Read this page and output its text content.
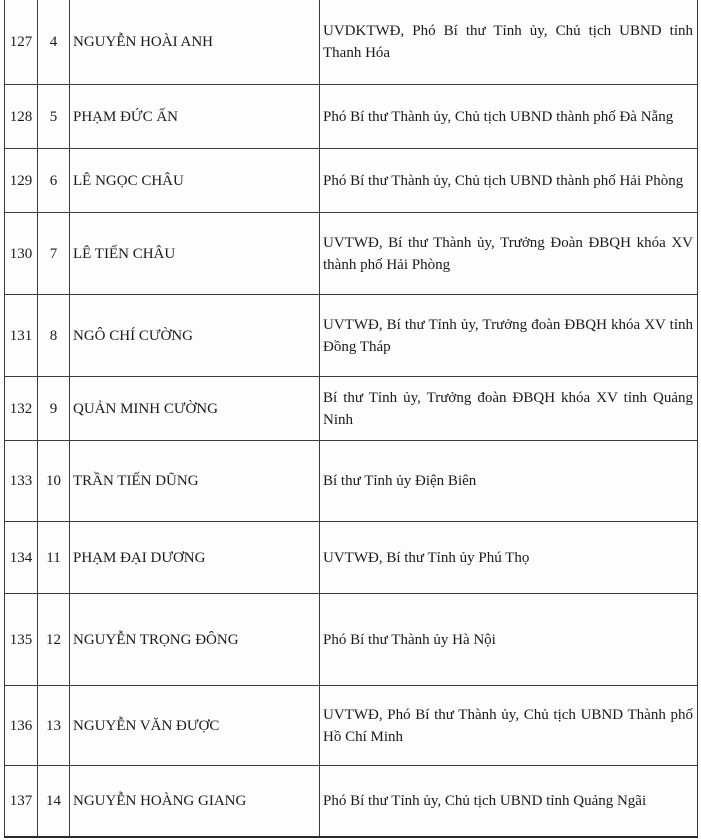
127	4	NGUYỄN HOÀI ANH	UVDKTWĐ, Phó Bí thư Tỉnh ủy, Chủ tịch UBND tỉnh Thanh Hóa

128	5	PHẠM ĐỨC ẤN	Phó Bí thư Thành ủy, Chủ tịch UBND thành phố Đà Nẵng

129	6	LÊ NGỌC CHÂU	Phó Bí thư Thành ủy, Chủ tịch UBND thành phố Hải Phòng

130	7	LÊ TIẾN CHÂU	UVTWĐ, Bí thư Thành ủy, Trưởng Đoàn ĐBQH khóa XV thành phố Hải Phòng

131	8	NGÔ CHÍ CƯỜNG	UVTWĐ, Bí thư Tỉnh ủy, Trưởng đoàn ĐBQH khóa XV tỉnh Đồng Tháp

132	9	QUẢN MINH CƯỜNG	Bí thư Tỉnh ủy, Trưởng đoàn ĐBQH khóa XV tỉnh Quảng Ninh

133	10	TRẦN TIẾN DŨNG	Bí thư Tỉnh ủy Điện Biên

134	11	PHẠM ĐẠI DƯƠNG	UVTWĐ, Bí thư Tỉnh ủy Phú Thọ

135	12	NGUYỄN TRỌNG ĐÔNG	Phó Bí thư Thành ủy Hà Nội

136	13	NGUYỄN VĂN ĐƯỢC	UVTWĐ, Phó Bí thư Thành ủy, Chủ tịch UBND Thành phố Hồ Chí Minh

137	14	NGUYỄN HOÀNG GIANG	Phó Bí thư Tỉnh ủy, Chủ tịch UBND tỉnh Quảng Ngãi
